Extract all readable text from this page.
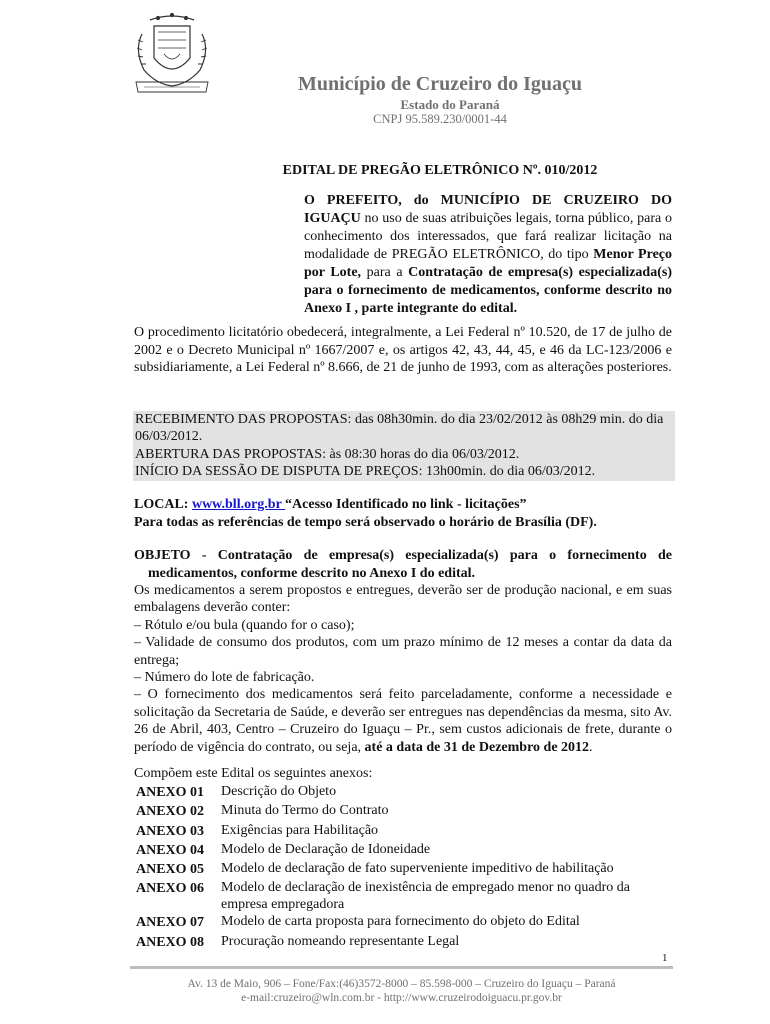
Município de Cruzeiro do Iguaçu
Estado do Paraná
CNPJ 95.589.230/0001-44
EDITAL DE PREGÃO ELETRÔNICO Nº. 010/2012
O PREFEITO, do MUNICÍPIO DE CRUZEIRO DO IGUAÇU no uso de suas atribuições legais, torna público, para o conhecimento dos interessados, que fará realizar licitação na modalidade de PREGÃO ELETRÔNICO, do tipo Menor Preço por Lote, para a Contratação de empresa(s) especializada(s) para o fornecimento de medicamentos, conforme descrito no Anexo I , parte integrante do edital.
O procedimento licitatório obedecerá, integralmente, a Lei Federal nº 10.520, de 17 de julho de 2002 e o Decreto Municipal nº 1667/2007 e, os artigos 42, 43, 44, 45, e 46 da LC-123/2006 e subsidiariamente, a Lei Federal nº 8.666, de 21 de junho de 1993, com as alterações posteriores.
RECEBIMENTO DAS PROPOSTAS: das 08h30min. do dia 23/02/2012 às 08h29 min. do dia 06/03/2012.
ABERTURA DAS PROPOSTAS: às 08:30 horas do dia 06/03/2012.
INÍCIO DA SESSÃO DE DISPUTA DE PREÇOS: 13h00min. do dia 06/03/2012.
LOCAL: www.bll.org.br “Acesso Identificado no link - licitações”
Para todas as referências de tempo será observado o horário de Brasília (DF).
OBJETO - Contratação de empresa(s) especializada(s) para o fornecimento de
medicamentos, conforme descrito no Anexo I do edital.
Os medicamentos a serem propostos e entregues, deverão ser de produção nacional, e em suas embalagens deverão conter:
– Rótulo e/ou bula (quando for o caso);
– Validade de consumo dos produtos, com um prazo mínimo de 12 meses a contar da data da entrega;
– Número do lote de fabricação.
– O fornecimento dos medicamentos será feito parceladamente, conforme a necessidade e solicitação da Secretaria de Saúde, e deverão ser entregues nas dependências da mesma, sito Av. 26 de Abril, 403, Centro – Cruzeiro do Iguaçu – Pr., sem custos adicionais de frete, durante o período de vigência do contrato, ou seja, até a data de 31 de Dezembro de 2012.
Compõem este Edital os seguintes anexos:
ANEXO 01	Descrição do Objeto
ANEXO 02	Minuta do Termo do Contrato
ANEXO 03	Exigências para Habilitação
ANEXO 04	Modelo de Declaração de Idoneidade
ANEXO 05	Modelo de declaração de fato superveniente impeditivo de habilitação
ANEXO 06	Modelo de declaração de inexistência de empregado menor no quadro da empresa empregadora
ANEXO 07	Modelo de carta proposta para fornecimento do objeto do Edital
ANEXO 08	Procuração nomeando representante Legal
1
Av. 13 de Maio, 906 – Fone/Fax:(46)3572-8000 – 85.598-000 – Cruzeiro do Iguaçu – Paraná
e-mail:cruzeiro@wln.com.br - http://www.cruzeirodoiguacu.pr.gov.br
